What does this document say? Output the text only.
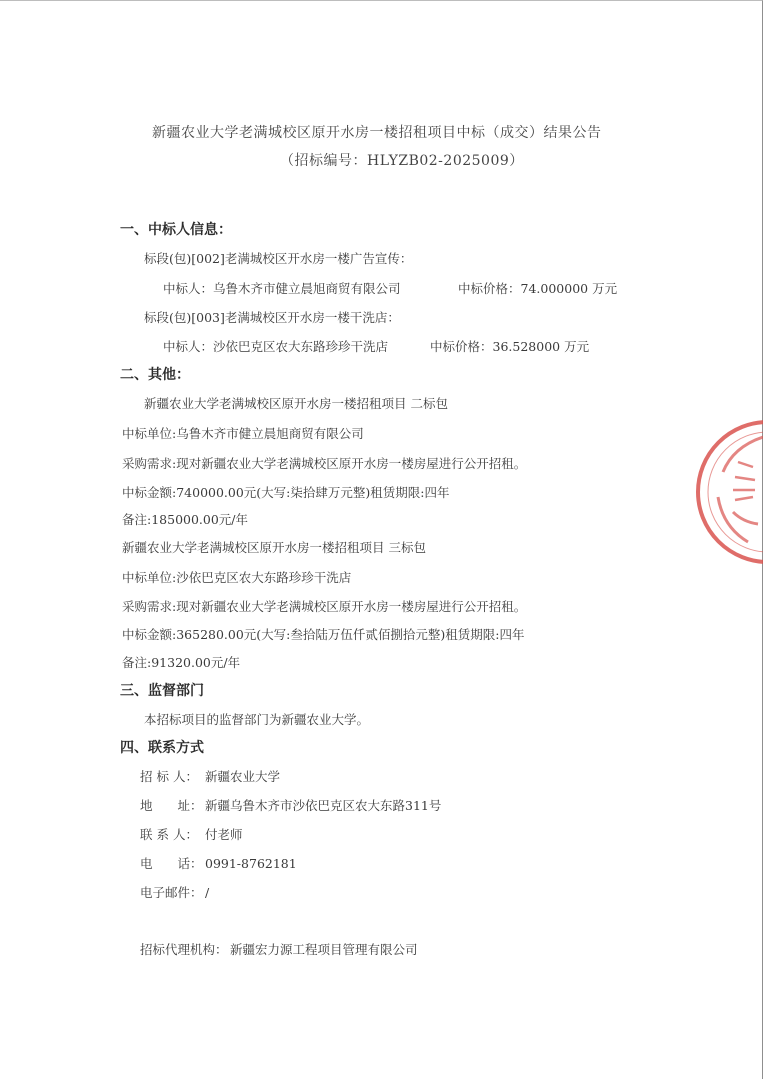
新疆农业大学老满城校区原开水房一楼招租项目中标（成交）结果公告
（招标编号：HLYZB02-2025009）
一、中标人信息：
标段(包)[002]老满城校区开水房一楼广告宣传：
中标人：乌鲁木齐市健立晨旭商贸有限公司	中标价格：74.000000 万元
标段(包)[003]老满城校区开水房一楼干洗店：
中标人：沙依巴克区农大东路珍珍干洗店	中标价格：36.528000 万元
二、其他：
新疆农业大学老满城校区原开水房一楼招租项目 二标包
中标单位:乌鲁木齐市健立晨旭商贸有限公司
采购需求:现对新疆农业大学老满城校区原开水房一楼房屋进行公开招租。
中标金额:740000.00元(大写:柒拾肆万元整)租赁期限:四年
备注:185000.00元/年
新疆农业大学老满城校区原开水房一楼招租项目 三标包
中标单位:沙依巴克区农大东路珍珍干洗店
采购需求:现对新疆农业大学老满城校区原开水房一楼房屋进行公开招租。
中标金额:365280.00元(大写:叁拾陆万伍仟贰佰捌拾元整)租赁期限:四年
备注:91320.00元/年
三、监督部门
本招标项目的监督部门为新疆农业大学。
四、联系方式
招 标 人： 新疆农业大学
地　　址： 新疆乌鲁木齐市沙依巴克区农大东路311号
联 系 人： 付老师
电　　话： 0991-8762181
电子邮件： /
招标代理机构： 新疆宏力源工程项目管理有限公司
